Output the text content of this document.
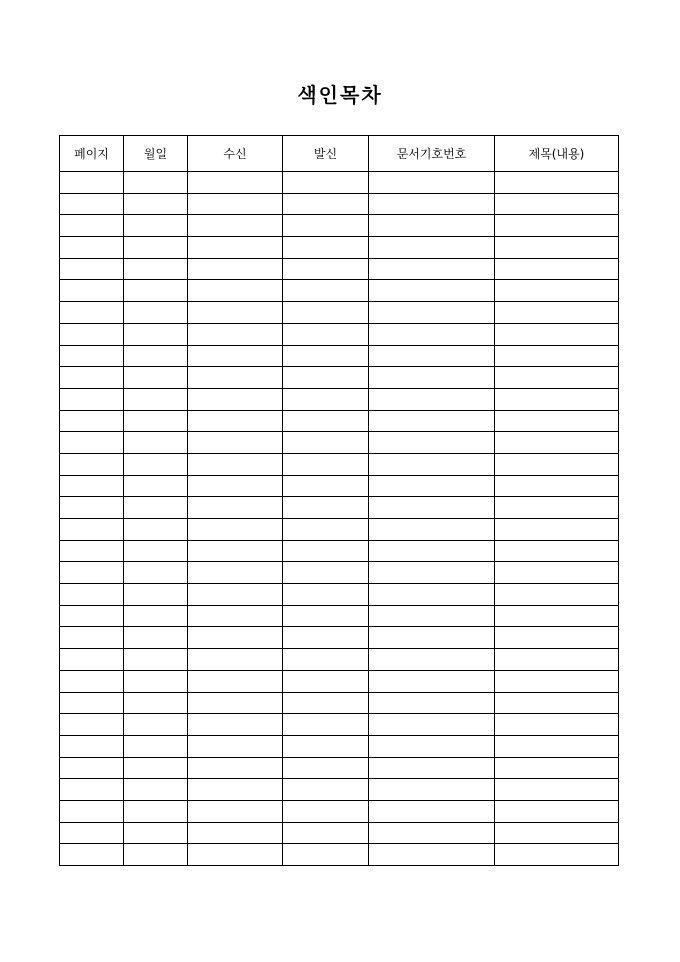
색인목차
페이지	월일	수신	발신	문서기호번호	제목(내용)
